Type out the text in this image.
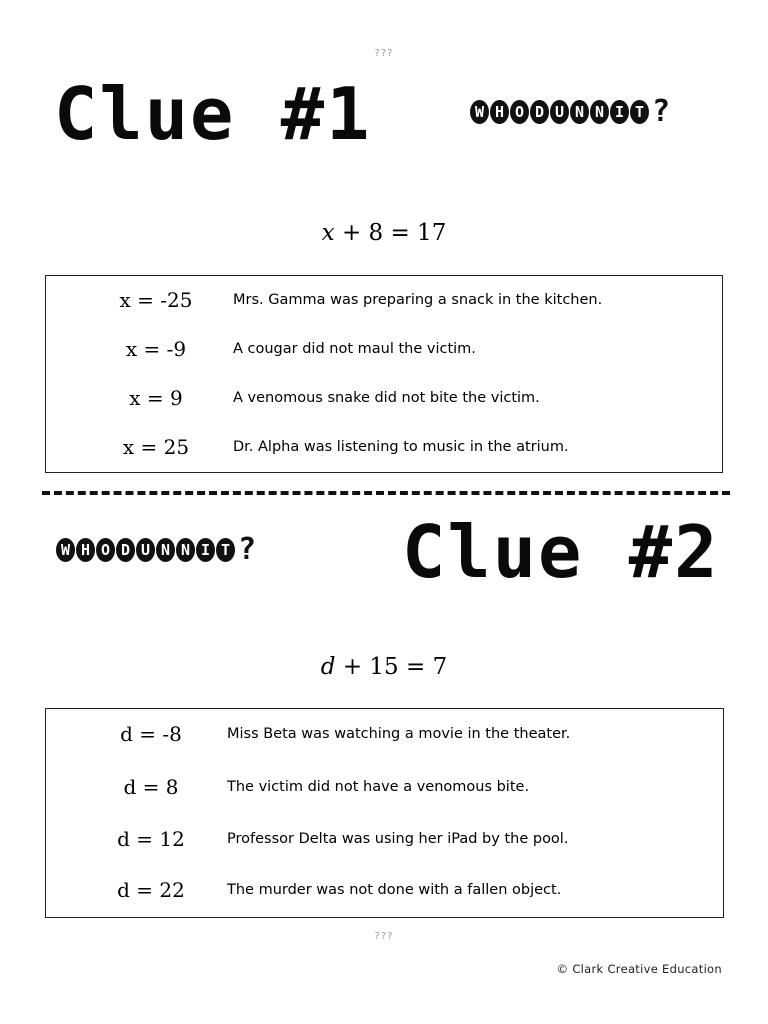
???
Clue #1	W H O D U N N I T ?
x + 8 = 17
x = -25	Mrs. Gamma was preparing a snack in the kitchen.
x = -9	A cougar did not maul the victim.
x = 9	A venomous snake did not bite the victim.
x = 25	Dr. Alpha was listening to music in the atrium.
W H O D U N N I T ? Clue #2
d + 15 = 7
d = -8	Miss Beta was watching a movie in the theater.
d = 8	The victim did not have a venomous bite.
d = 12	Professor Delta was using her iPad by the pool.
d = 22	The murder was not done with a fallen object.
???
© Clark Creative Education
